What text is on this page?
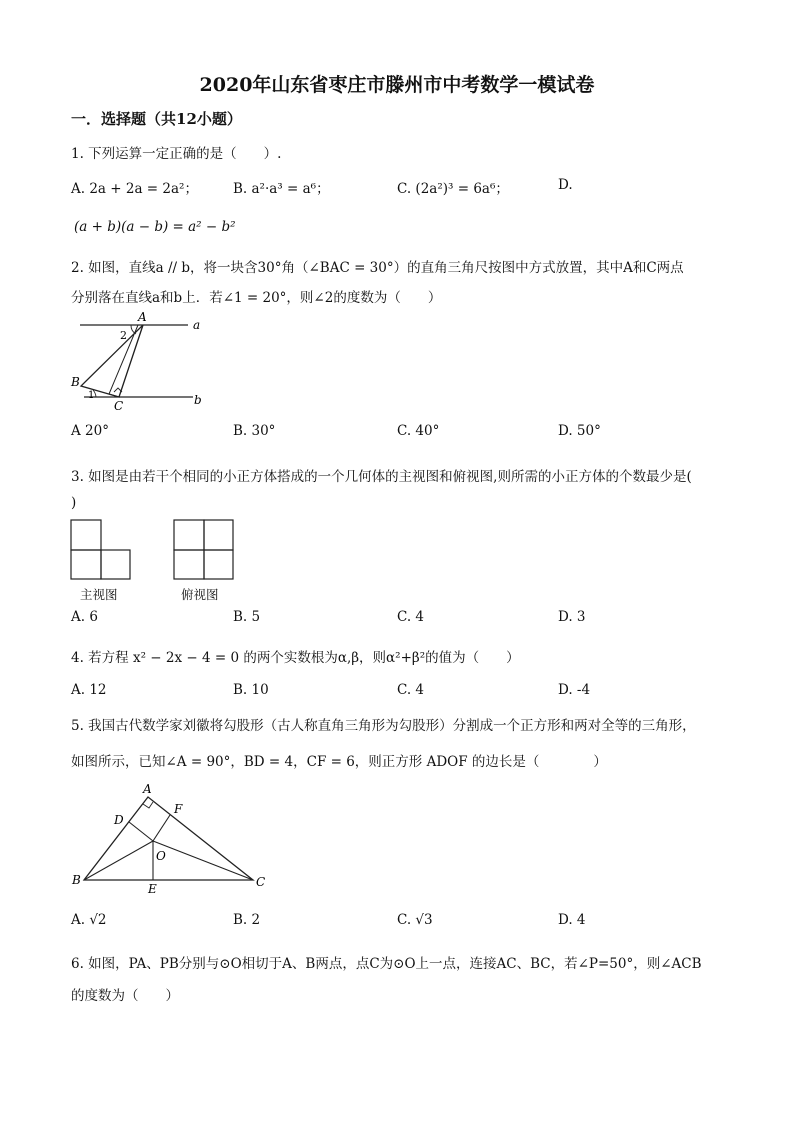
2020年山东省枣庄市滕州市中考数学一模试卷
一．选择题（共12小题）
1. 下列运算一定正确的是（　　）.
A. 2a + 2a = 2a²；	B. a²·a³ = a⁶；	C. (2a²)³ = 6a⁶；	D.
(a + b)(a − b) = a² − b²
2. 如图，直线a // b，将一块含30°角（∠BAC = 30°）的直角三角尺按图中方式放置，其中A和C两点
分别落在直线a和b上．若∠1 = 20°，则∠2的度数为（　　）
A
a
2
B
1
C	b
A 20°	B. 30°	C. 40°	D. 50°
3. 如图是由若干个相同的小正方体搭成的一个几何体的主视图和俯视图,则所需的小正方体的个数最少是(
)
主视图	俯视图
A. 6	B. 5	C. 4	D. 3
4. 若方程 x² − 2x − 4 = 0 的两个实数根为α,β，则α²+β²的值为（　　）
A. 12	B. 10	C. 4	D. -4
5. 我国古代数学家刘徽将勾股形（古人称直角三角形为勾股形）分割成一个正方形和两对全等的三角形，
如图所示，已知∠A = 90°，BD = 4，CF = 6，则正方形 ADOF 的边长是（　　　　）
A
F
D
O
B
E	C
A. √2	B. 2	C. √3	D. 4
6. 如图，PA、PB分别与⊙O相切于A、B两点，点C为⊙O上一点，连接AC、BC，若∠P=50°，则∠ACB
的度数为（　　）
